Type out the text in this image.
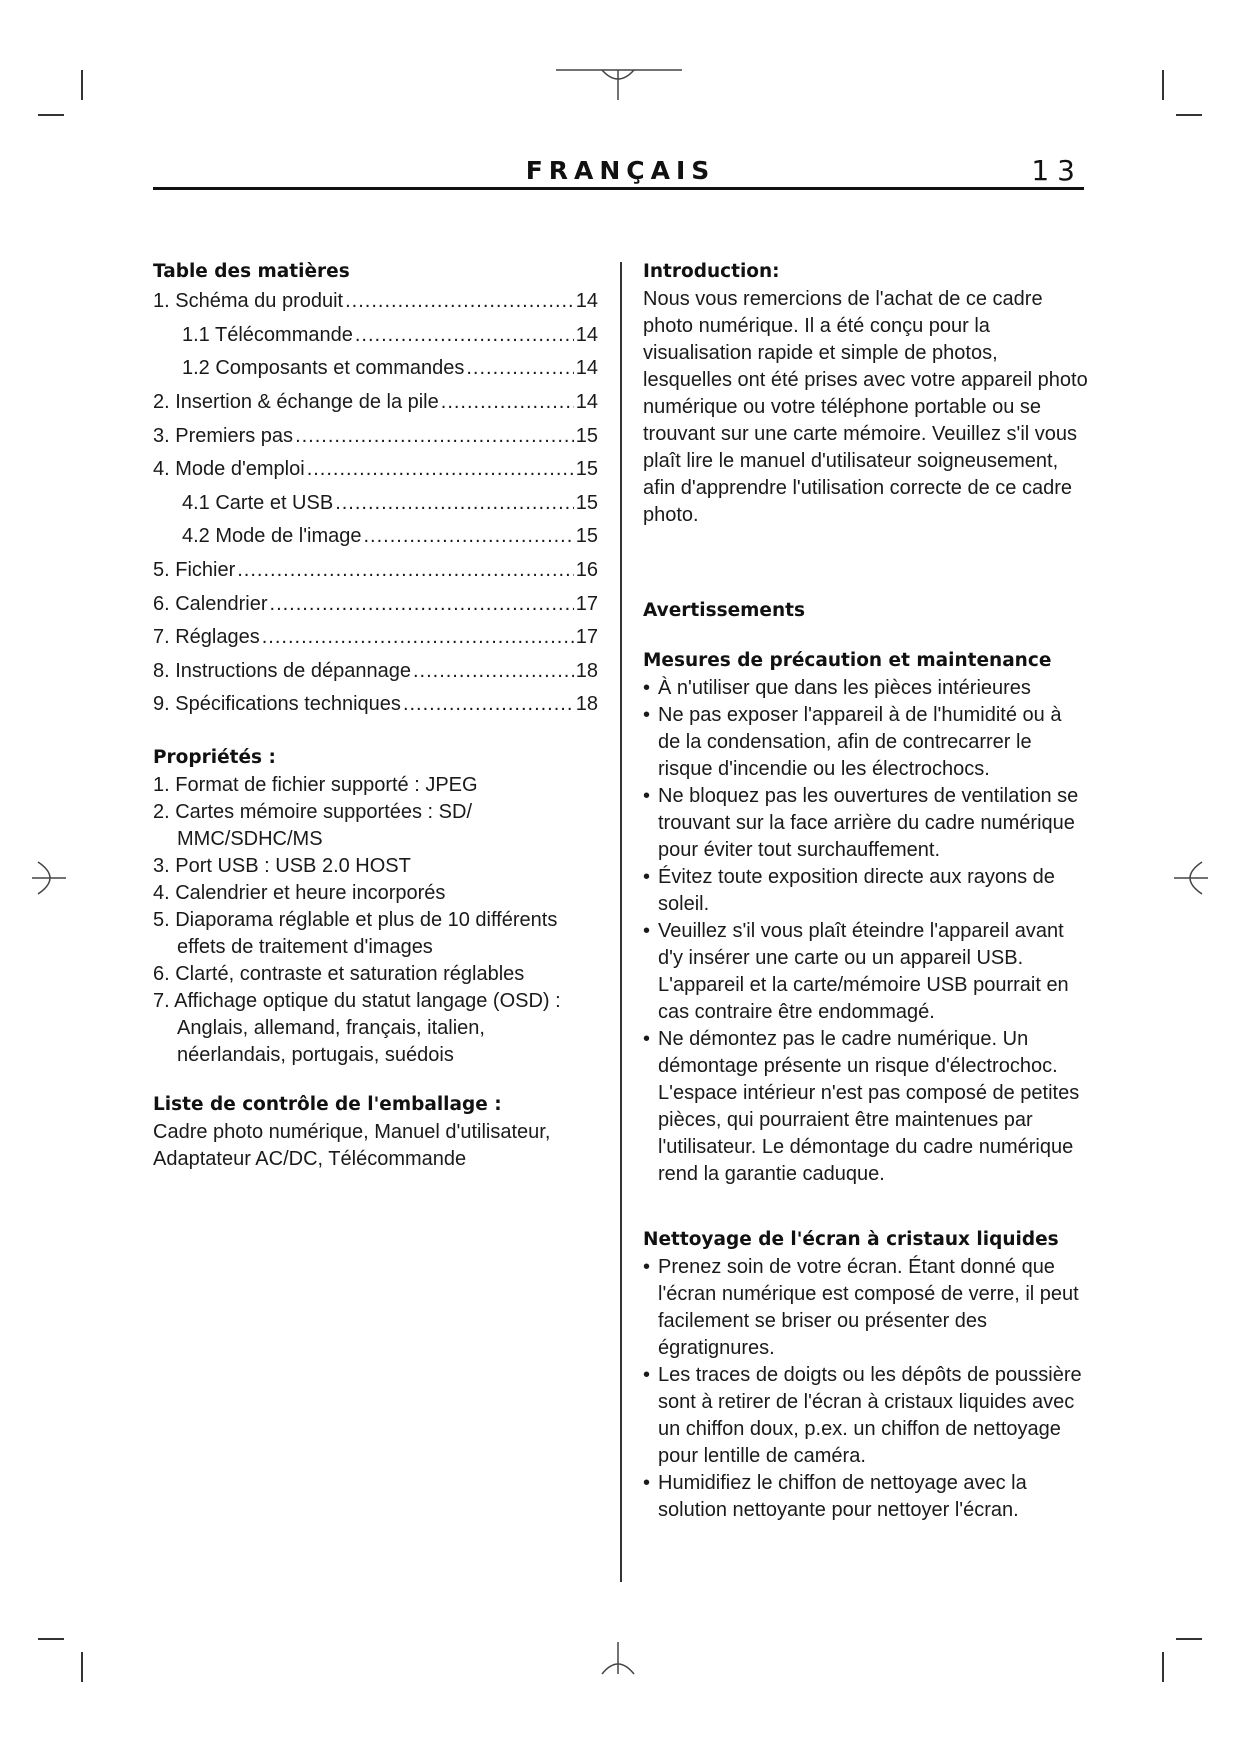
FRANÇAIS	13
Table des matières
1. Schéma du produit .....	14
1.1 Télécommande .....	14
1.2 Composants et commandes .....	14
2. Insertion & échange de la pile .....	14
3. Premiers pas .....	15
4. Mode d'emploi .....	15
4.1 Carte et USB .....	15
4.2 Mode de l'image .....	15
5. Fichier .....	16
6. Calendrier .....	17
7. Réglages .....	17
8. Instructions de dépannage .....	18
9. Spécifications techniques .....	18
Propriétés :
1. Format de fichier supporté : JPEG
2. Cartes mémoire supportées : SD/ MMC/SDHC/MS
3. Port USB : USB 2.0 HOST
4. Calendrier et heure incorporés
5. Diaporama réglable et plus de 10 différents effets de traitement d'images
6. Clarté, contraste et saturation réglables
7. Affichage optique du statut langage (OSD) : Anglais, allemand, français, italien, néerlandais, portugais, suédois
Liste de contrôle de l'emballage :

Cadre photo numérique, Manuel d'utilisateur, Adaptateur AC/DC, Télécommande

Introduction:

Nous vous remercions de l'achat de ce cadre photo numérique. Il a été conçu pour la visualisation rapide et simple de photos, lesquelles ont été prises avec votre appareil photo numérique ou votre téléphone portable ou se trouvant sur une carte mémoire. Veuillez s'il vous plaît lire le manuel d'utilisateur soigneusement, afin d'apprendre l'utilisation correcte de ce cadre photo.

Avertissements
Mesures de précaution et maintenance
• À n'utiliser que dans les pièces intérieures
• Ne pas exposer l'appareil à de l'humidité ou à de la condensation, afin de contrecarrer le risque d'incendie ou les électrochocs.
• Ne bloquez pas les ouvertures de ventilation se trouvant sur la face arrière du cadre numérique pour éviter tout surchauffement.
• Évitez toute exposition directe aux rayons de soleil.
• Veuillez s'il vous plaît éteindre l'appareil avant d'y insérer une carte ou un appareil USB. L'appareil et la carte/mémoire USB pourrait en cas contraire être endommagé.
• Ne démontez pas le cadre numérique. Un démontage présente un risque d'électrochoc. L'espace intérieur n'est pas composé de petites pièces, qui pourraient être maintenues par l'utilisateur. Le démontage du cadre numérique rend la garantie caduque.
Nettoyage de l'écran à cristaux liquides
• Prenez soin de votre écran. Étant donné que l'écran numérique est composé de verre, il peut facilement se briser ou présenter des égratignures.
• Les traces de doigts ou les dépôts de poussière sont à retirer de l'écran à cristaux liquides avec un chiffon doux, p.ex. un chiffon de nettoyage pour lentille de caméra.
• Humidifiez le chiffon de nettoyage avec la solution nettoyante pour nettoyer l'écran.
